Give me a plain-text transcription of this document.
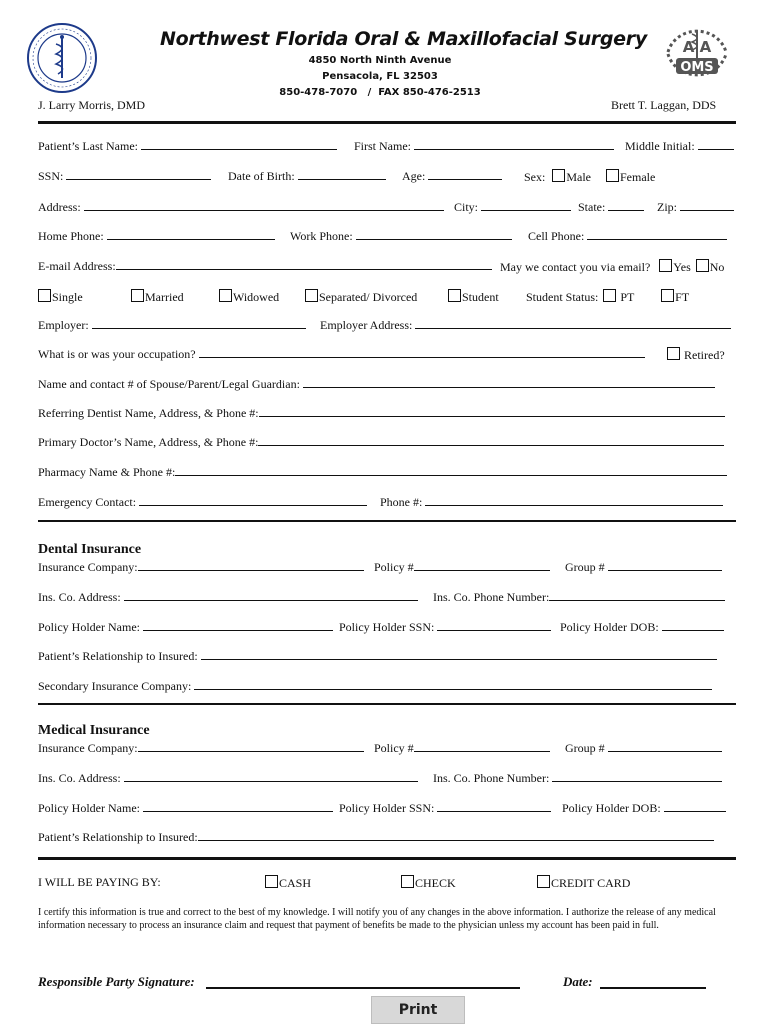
Northwest Florida Oral & Maxillofacial Surgery
4850 North Ninth Avenue
Pensacola, FL 32503
850-478-7070   /  FAX 850-476-2513
A A
OMS
J. Larry Morris, DMD	Brett T. Laggan, DDS
Patient’s Last Name:	First Name:	Middle Initial:
SSN:	Date of Birth:	Age:	Sex: Male Female
Address:	City:	State:	Zip:
Home Phone:	Work Phone:	Cell Phone:
E-mail Address:	May we contact you via email? Yes No
Single	Married	Widowed	Separated/ Divorced	Student Student Status: PT	FT
Employer:	Employer Address:
What is or was your occupation?	Retired?
Name and contact # of Spouse/Parent/Legal Guardian:
Referring Dentist Name, Address, & Phone #:
Primary Doctor’s Name, Address, & Phone #:
Pharmacy Name & Phone #:
Emergency Contact:	Phone #:
Dental Insurance
Insurance Company:	Policy #	Group #
Ins. Co. Address:	Ins. Co. Phone Number:
Policy Holder Name:	Policy Holder SSN:	Policy Holder DOB:
Patient’s Relationship to Insured:
Secondary Insurance Company:
Medical Insurance
Insurance Company:	Policy #	Group #
Ins. Co. Address:	Ins. Co. Phone Number:
Policy Holder Name:	Policy Holder SSN:	Policy Holder DOB:
Patient’s Relationship to Insured:
I WILL BE PAYING BY:	CASH	CHECK	CREDIT CARD
I certify this information is true and correct to the best of my knowledge. I will notify you of any changes in the above information. I authorize the release of any medical information necessary to process an insurance claim and request that payment of benefits be made to the physician unless my account has been paid in full.
Responsible Party Signature:	Date:
Print
